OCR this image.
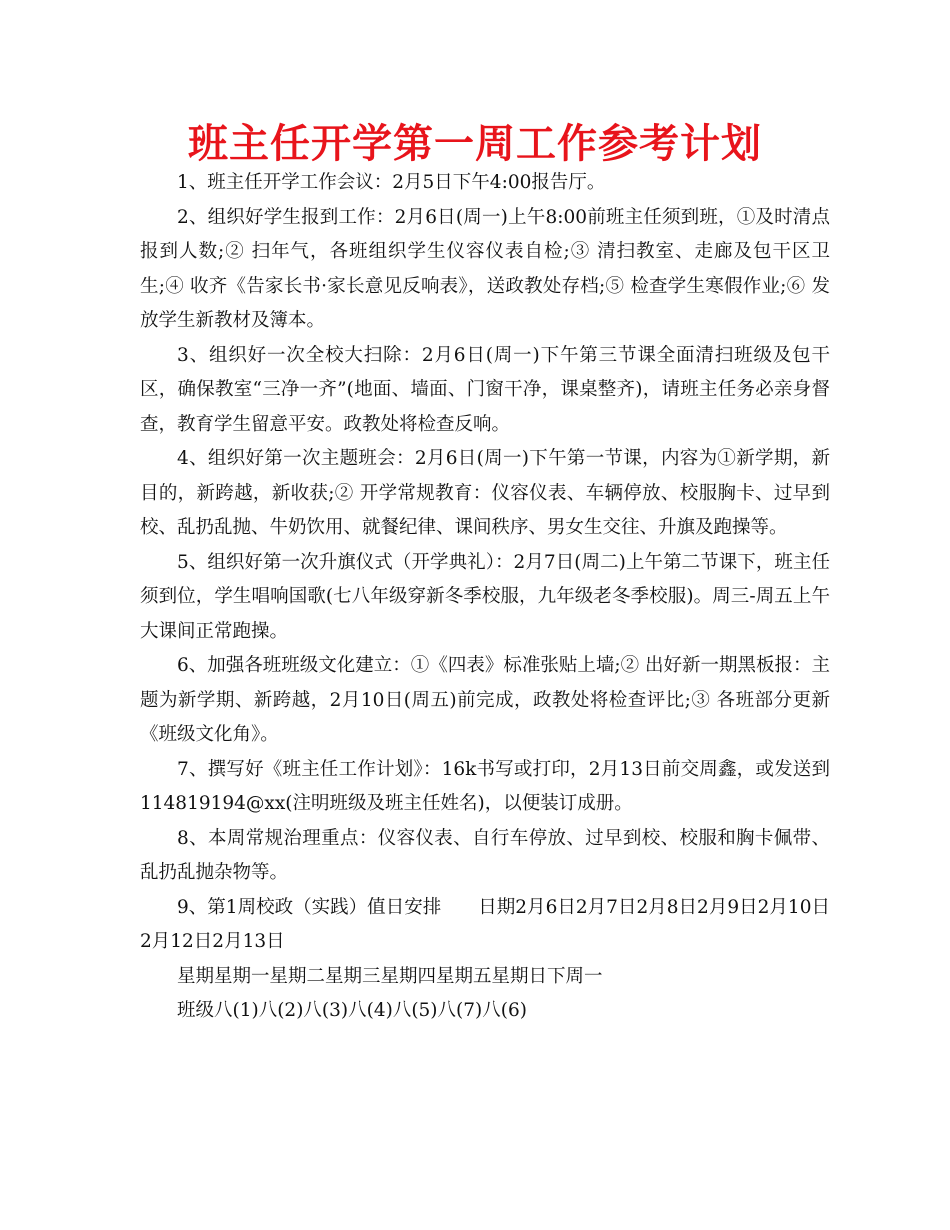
班主任开学第一周工作参考计划

1、班主任开学工作会议：2月5日下午4:00报告厅。

2、组织好学生报到工作：2月6日(周一)上午8:00前班主任须到班，①及时清点报到人数;② 扫年气，各班组织学生仪容仪表自检;③ 清扫教室、走廊及包干区卫生;④ 收齐《告家长书·家长意见反响表》，送政教处存档;⑤ 检查学生寒假作业;⑥ 发放学生新教材及簿本。

3、组织好一次全校大扫除：2月6日(周一)下午第三节课全面清扫班级及包干区，确保教室“三净一齐”(地面、墙面、门窗干净，课桌整齐)，请班主任务必亲身督查，教育学生留意平安。政教处将检查反响。

4、组织好第一次主题班会：2月6日(周一)下午第一节课，内容为①新学期，新目的，新跨越，新收获;② 开学常规教育：仪容仪表、车辆停放、校服胸卡、过早到校、乱扔乱抛、牛奶饮用、就餐纪律、课间秩序、男女生交往、升旗及跑操等。

5、组织好第一次升旗仪式（开学典礼）：2月7日(周二)上午第二节课下，班主任须到位，学生唱响国歌(七八年级穿新冬季校服，九年级老冬季校服)。周三-周五上午大课间正常跑操。

6、加强各班班级文化建立：①《四表》标准张贴上墙;② 出好新一期黑板报：主题为新学期、新跨越，2月10日(周五)前完成，政教处将检查评比;③ 各班部分更新《班级文化角》。

7、撰写好《班主任工作计划》：16k书写或打印，2月13日前交周鑫，或发送到114819194@xx(注明班级及班主任姓名)，以便装订成册。

8、本周常规治理重点：仪容仪表、自行车停放、过早到校、校服和胸卡佩带、乱扔乱抛杂物等。

9、第1周校政（实践）值日安排　　日期2月6日2月7日2月8日2月9日2月10日2月12日2月13日

星期星期一星期二星期三星期四星期五星期日下周一

班级八(1)八(2)八(3)八(4)八(5)八(7)八(6)
